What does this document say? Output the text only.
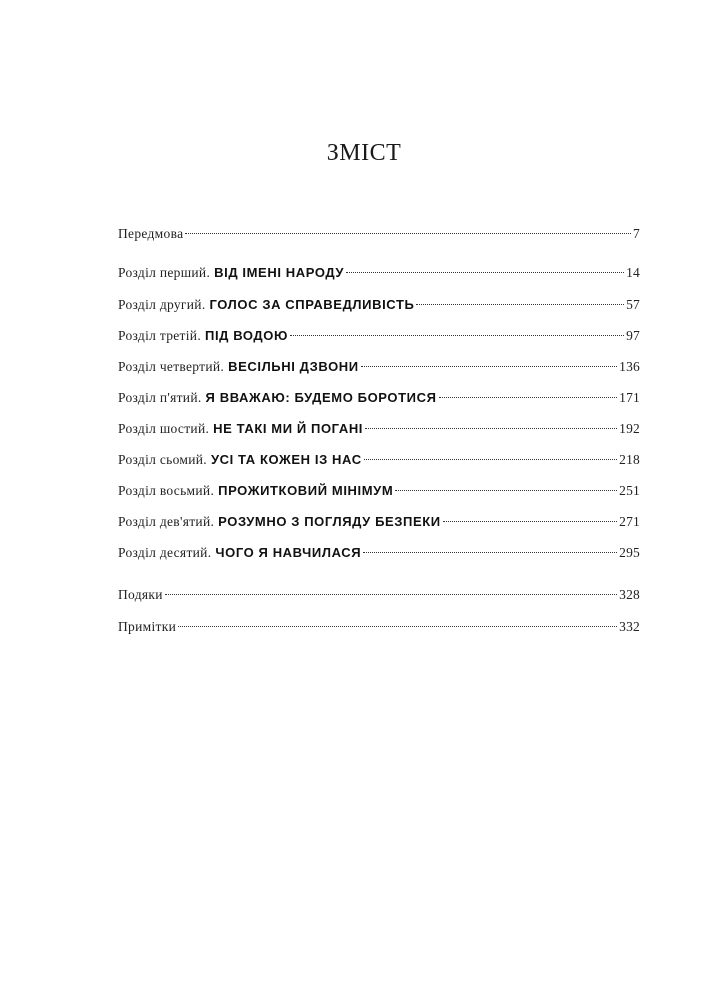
ЗМІСТ
Передмова	7
Розділ перший. ВІД ІМЕНІ НАРОДУ	14
Розділ другий. ГОЛОС ЗА СПРАВЕДЛИВІСТЬ	57
Розділ третій. ПІД ВОДОЮ	97
Розділ четвертий. ВЕСІЛЬНІ ДЗВОНИ	136
Розділ п'ятий. Я ВВАЖАЮ: БУДЕМО БОРОТИСЯ	171
Розділ шостий. НЕ ТАКІ МИ Й ПОГАНІ	192
Розділ сьомий. УСІ ТА КОЖЕН ІЗ НАС	218
Розділ восьмий. ПРОЖИТКОВИЙ МІНІМУМ	251
Розділ дев'ятий. РОЗУМНО З ПОГЛЯДУ БЕЗПЕКИ	271
Розділ десятий. ЧОГО Я НАВЧИЛАСЯ	295
Подяки	328
Примітки	332
